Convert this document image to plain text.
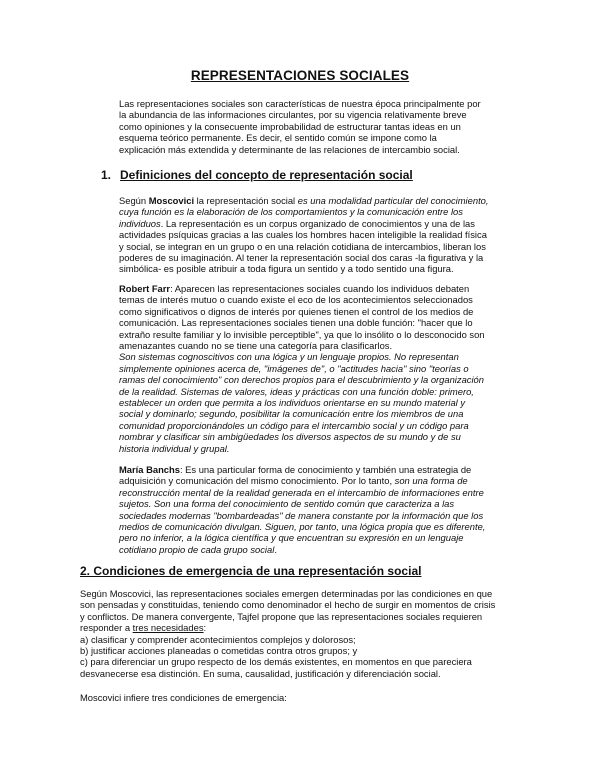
REPRESENTACIONES SOCIALES

Las representaciones sociales son características de nuestra época principalmente por la abundancia de las informaciones circulantes, por su vigencia relativamente breve como opiniones y la consecuente improbabilidad de estructurar tantas ideas en un esquema teórico permanente. Es decir, el sentido común se impone como la explicación más extendida y determinante de las relaciones de intercambio social.

1. Definiciones del concepto de representación social

Según Moscovici la representación social es una modalidad particular del conocimiento, cuya función es la elaboración de los comportamientos y la comunicación entre los individuos. La representación es un corpus organizado de conocimientos y una de las actividades psíquicas gracias a las cuales los hombres hacen inteligible la realidad física y social, se integran en un grupo o en una relación cotidiana de intercambios, liberan los poderes de su imaginación. Al tener la representación social dos caras -la figurativa y la simbólica- es posible atribuir a toda figura un sentido y a todo sentido una figura.

Robert Farr: Aparecen las representaciones sociales cuando los individuos debaten temas de interés mutuo o cuando existe el eco de los acontecimientos seleccionados como significativos o dignos de interés por quienes tienen el control de los medios de comunicación. Las representaciones sociales tienen una doble función: "hacer que lo extraño resulte familiar y lo invisible perceptible", ya que lo insólito o lo desconocido son amenazantes cuando no se tiene una categoría para clasificarlos.
Son sistemas cognoscitivos con una lógica y un lenguaje propios. No representan simplemente opiniones acerca de, "imágenes de", o "actitudes hacia" sino "teorías o ramas del conocimiento" con derechos propios para el descubrimiento y la organización de la realidad. Sistemas de valores, ideas y prácticas con una función doble: primero, establecer un orden que permita a los individuos orientarse en su mundo material y social y dominarlo; segundo, posibilitar la comunicación entre los miembros de una comunidad proporcionándoles un código para el intercambio social y un código para nombrar y clasificar sin ambigüedades los diversos aspectos de su mundo y de su historia individual y grupal.

María Banchs: Es una particular forma de conocimiento y también una estrategia de adquisición y comunicación del mismo conocimiento. Por lo tanto, son una forma de reconstrucción mental de la realidad generada en el intercambio de informaciones entre sujetos. Son una forma del conocimiento de sentido común que caracteriza a las sociedades modernas "bombardeadas" de manera constante por la información que los medios de comunicación divulgan. Siguen, por tanto, una lógica propia que es diferente, pero no inferior, a la lógica científica y que encuentran su expresión en un lenguaje cotidiano propio de cada grupo social.

2. Condiciones de emergencia de una representación social

Según Moscovici, las representaciones sociales emergen determinadas por las condiciones en que son pensadas y constituidas, teniendo como denominador el hecho de surgir en momentos de crisis y conflictos. De manera convergente, Tajfel propone que las representaciones sociales requieren responder a tres necesidades:
a) clasificar y comprender acontecimientos complejos y dolorosos;
b) justificar acciones planeadas o cometidas contra otros grupos; y
c) para diferenciar un grupo respecto de los demás existentes, en momentos en que pareciera desvanecerse esa distinción. En suma, causalidad, justificación y diferenciación social.

Moscovici infiere tres condiciones de emergencia:
